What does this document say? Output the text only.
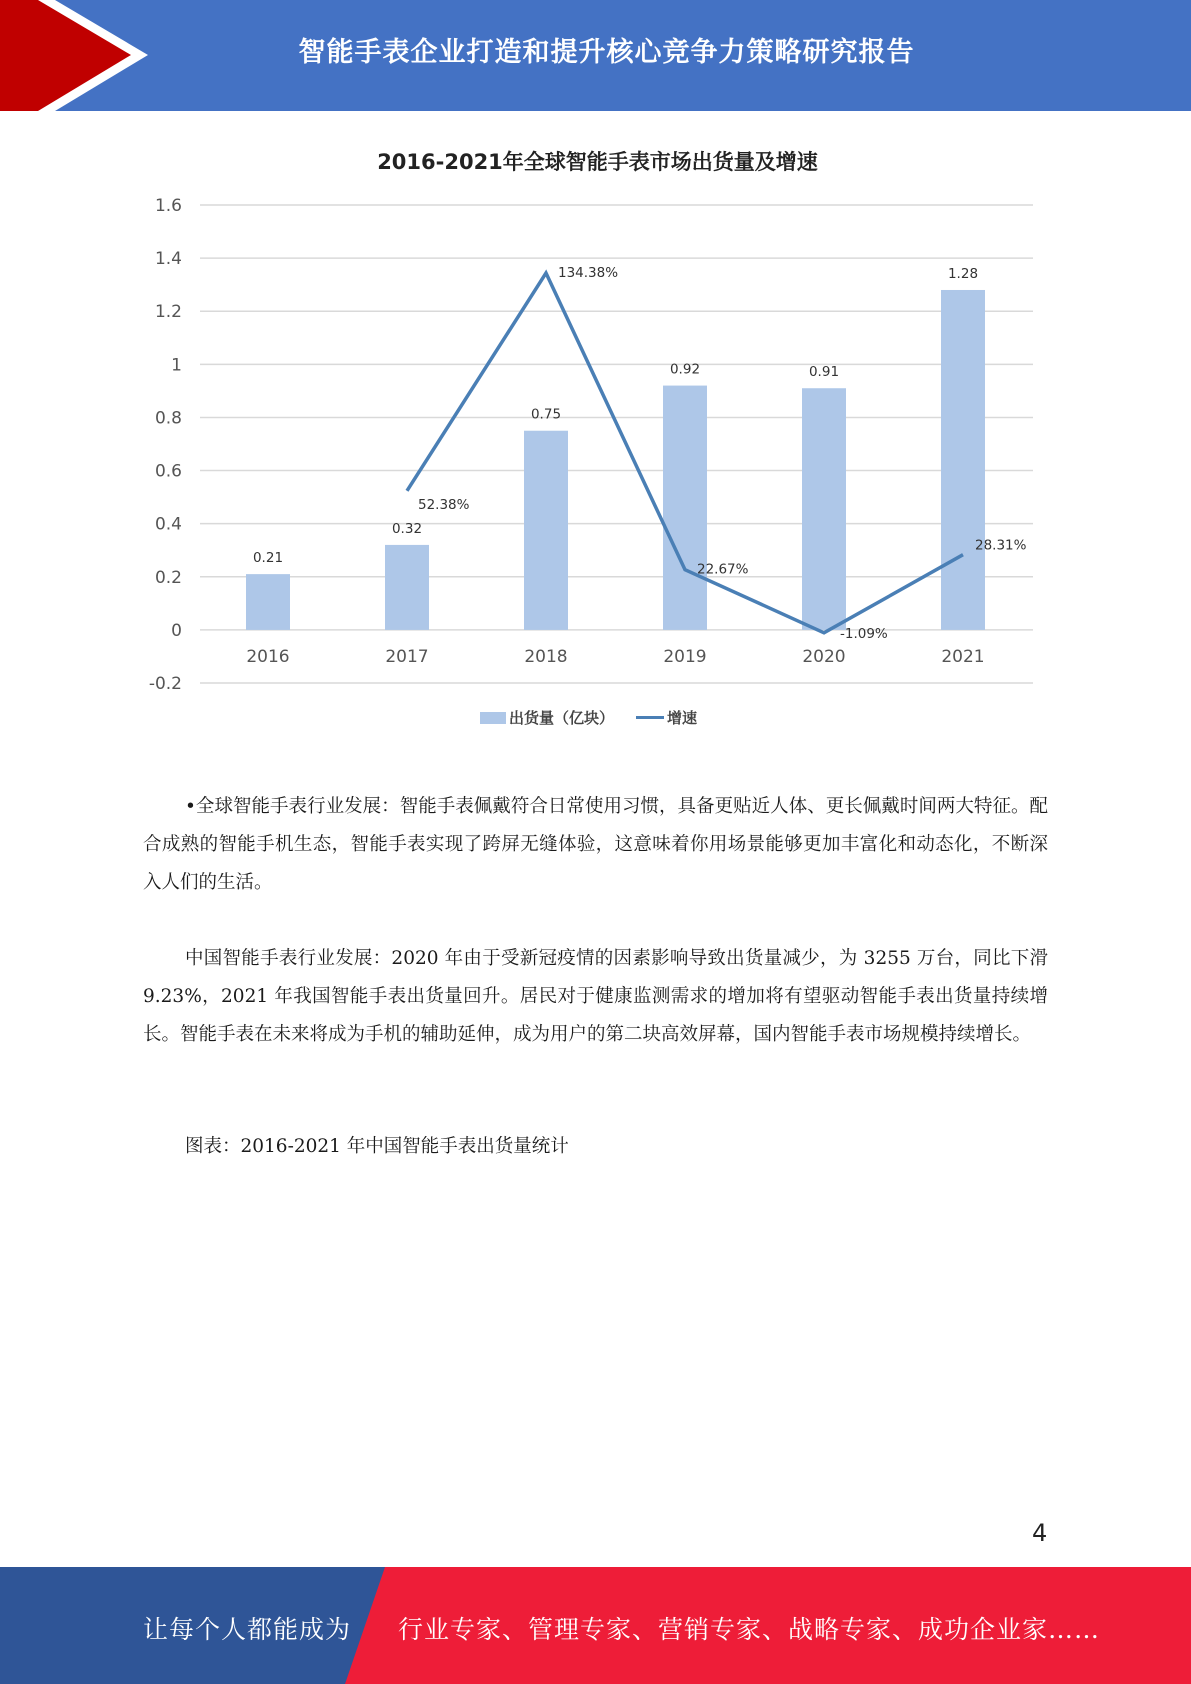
智能手表企业打造和提升核心竞争力策略研究报告
2016-2021年全球智能手表市场出货量及增速
1.6
1.4
1.2
1
0.8
0.6
0.4
0.2
0
-0.2
0.21
0.32
0.75
0.92	0.91
1.28
2016	2017	2018	2019	2020	2021
52.38%
134.38%
22.67%
-1.09%
28.31%
出货量（亿块）	增速
•全球智能手表行业发展：智能手表佩戴符合日常使用习惯，具备更贴近人体、更长佩戴时间两大特征。配合成熟的智能手机生态，智能手表实现了跨屏无缝体验，这意味着你用场景能够更加丰富化和动态化，不断深入人们的生活。
中国智能手表行业发展：2020 年由于受新冠疫情的因素影响导致出货量减少，为 3255 万台，同比下滑 9.23%，2021 年我国智能手表出货量回升。居民对于健康监测需求的增加将有望驱动智能手表出货量持续增长。智能手表在未来将成为手机的辅助延伸，成为用户的第二块高效屏幕，国内智能手表市场规模持续增长。
图表：2016-2021 年中国智能手表出货量统计
4
让每个人都能成为 行业专家、管理专家、营销专家、战略专家、成功企业家……
